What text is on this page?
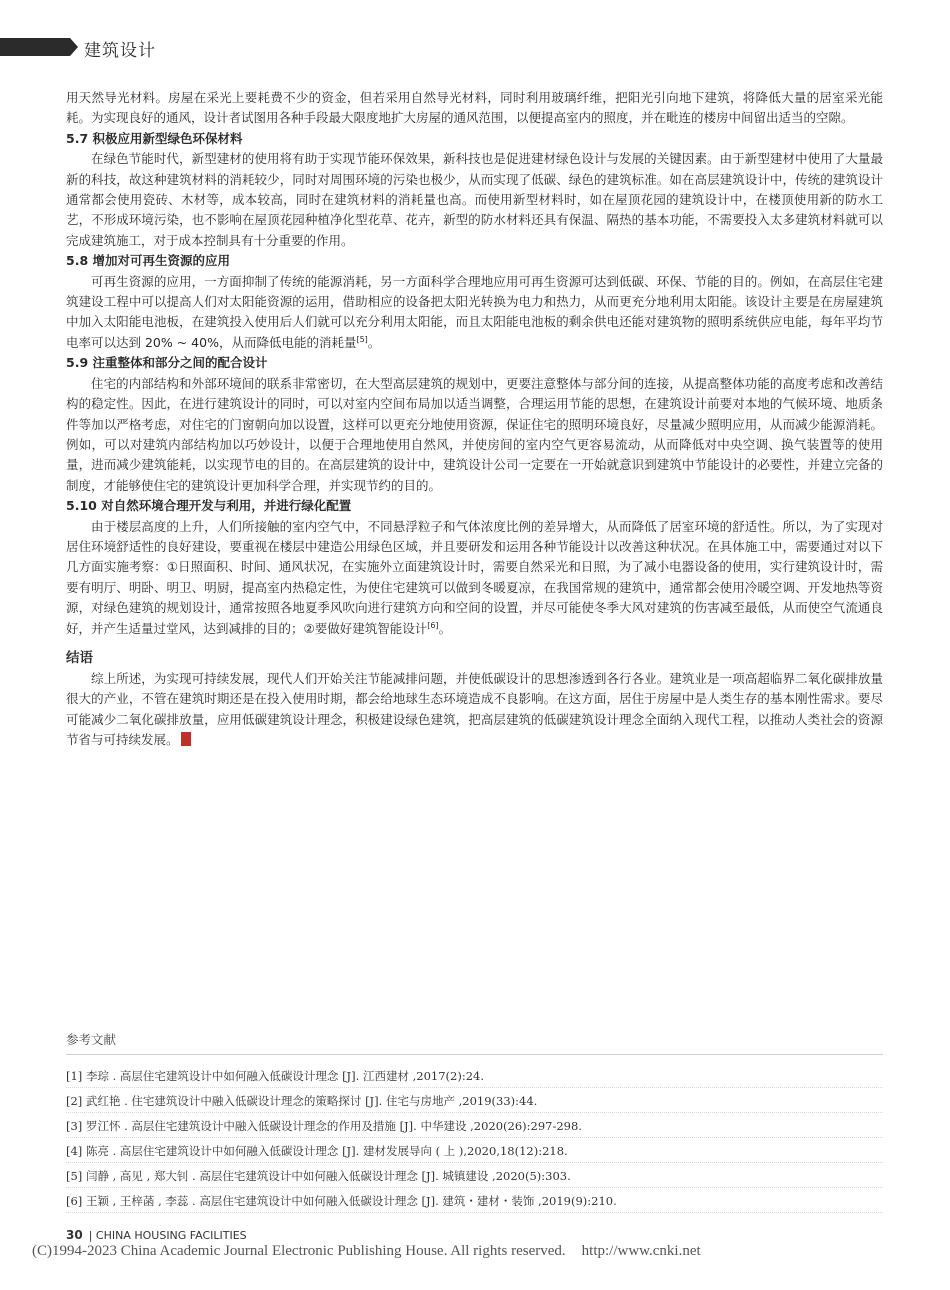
建筑设计

用天然导光材料。房屋在采光上要耗费不少的资金，但若采用自然导光材料，同时利用玻璃纤维，把阳光引向地下建筑，将降低大量的居室采光能耗。为实现良好的通风，设计者试图用各种手段最大限度地扩大房屋的通风范围，以便提高室内的照度，并在毗连的楼房中间留出适当的空隙。

5.7 积极应用新型绿色环保材料

在绿色节能时代，新型建材的使用将有助于实现节能环保效果，新科技也是促进建材绿色设计与发展的关键因素。由于新型建材中使用了大量最新的科技，故这种建筑材料的消耗较少，同时对周围环境的污染也极少，从而实现了低碳、绿色的建筑标准。如在高层建筑设计中，传统的建筑设计通常都会使用瓷砖、木材等，成本较高，同时在建筑材料的消耗量也高。而使用新型材料时，如在屋顶花园的建筑设计中，在楼顶使用新的防水工艺，不形成环境污染，也不影响在屋顶花园种植净化型花草、花卉，新型的防水材料还具有保温、隔热的基本功能，不需要投入太多建筑材料就可以完成建筑施工，对于成本控制具有十分重要的作用。

5.8 增加对可再生资源的应用

可再生资源的应用，一方面抑制了传统的能源消耗，另一方面科学合理地应用可再生资源可达到低碳、环保、节能的目的。例如，在高层住宅建筑建设工程中可以提高人们对太阳能资源的运用，借助相应的设备把太阳光转换为电力和热力，从而更充分地利用太阳能。该设计主要是在房屋建筑中加入太阳能电池板，在建筑投入使用后人们就可以充分利用太阳能，而且太阳能电池板的剩余供电还能对建筑物的照明系统供应电能，每年平均节电率可以达到 20% ~ 40%，从而降低电能的消耗量[5]。

5.9 注重整体和部分之间的配合设计

住宅的内部结构和外部环境间的联系非常密切，在大型高层建筑的规划中，更要注意整体与部分间的连接，从提高整体功能的高度考虑和改善结构的稳定性。因此，在进行建筑设计的同时，可以对室内空间布局加以适当调整，合理运用节能的思想，在建筑设计前要对本地的气候环境、地质条件等加以严格考虑，对住宅的门窗朝向加以设置，这样可以更充分地使用资源，保证住宅的照明环境良好，尽量减少照明应用，从而减少能源消耗。例如，可以对建筑内部结构加以巧妙设计，以便于合理地使用自然风，并使房间的室内空气更容易流动，从而降低对中央空调、换气装置等的使用量，进而减少建筑能耗，以实现节电的目的。在高层建筑的设计中，建筑设计公司一定要在一开始就意识到建筑中节能设计的必要性，并建立完备的制度，才能够使住宅的建筑设计更加科学合理，并实现节约的目的。

5.10 对自然环境合理开发与利用，并进行绿化配置

由于楼层高度的上升，人们所接触的室内空气中，不同悬浮粒子和气体浓度比例的差异增大，从而降低了居室环境的舒适性。所以，为了实现对居住环境舒适性的良好建设，要重视在楼层中建造公用绿色区域，并且要研发和运用各种节能设计以改善这种状况。在具体施工中，需要通过对以下几方面实施考察：①日照面积、时间、通风状况，在实施外立面建筑设计时，需要自然采光和日照，为了减小电器设备的使用，实行建筑设计时，需要有明厅、明卧、明卫、明厨，提高室内热稳定性，为使住宅建筑可以做到冬暖夏凉，在我国常规的建筑中，通常都会使用冷暖空调、开发地热等资源，对绿色建筑的规划设计，通常按照各地夏季风吹向进行建筑方向和空间的设置，并尽可能使冬季大风对建筑的伤害减至最低，从而使空气流通良好，并产生适量过堂风，达到减排的目的；②要做好建筑智能设计[6]。

结语

综上所述，为实现可持续发展，现代人们开始关注节能减排问题，并使低碳设计的思想渗透到各行各业。建筑业是一项高超临界二氧化碳排放量很大的产业，不管在建筑时期还是在投入使用时期，都会给地球生态环境造成不良影响。在这方面，居住于房屋中是人类生存的基本刚性需求。要尽可能减少二氧化碳排放量，应用低碳建筑设计理念，积极建设绿色建筑，把高层建筑的低碳建筑设计理念全面纳入现代工程，以推动人类社会的资源节省与可持续发展。

参考文献
[1] 李琮 . 高层住宅建筑设计中如何融入低碳设计理念 [J]. 江西建材 ,2017(2):24.
[2] 武红艳 . 住宅建筑设计中融入低碳设计理念的策略探讨 [J]. 住宅与房地产 ,2019(33):44.
[3] 罗江怀 . 高层住宅建筑设计中融入低碳设计理念的作用及措施 [J]. 中华建设 ,2020(26):297-298.
[4] 陈亮 . 高层住宅建筑设计中如何融入低碳设计理念 [J]. 建材发展导向 ( 上 ),2020,18(12):218.
[5] 闫静 , 高见 , 郑大钊 . 高层住宅建筑设计中如何融入低碳设计理念 [J]. 城镇建设 ,2020(5):303.
[6] 王颖 , 王梓菡 , 李蕊 . 高层住宅建筑设计中如何融入低碳设计理念 [J]. 建筑・建材・装饰 ,2019(9):210.
30 | CHINA HOUSING FACILITIES
(C)1994-2023 China Academic Journal Electronic Publishing House. All rights reserved. http://www.cnki.net
